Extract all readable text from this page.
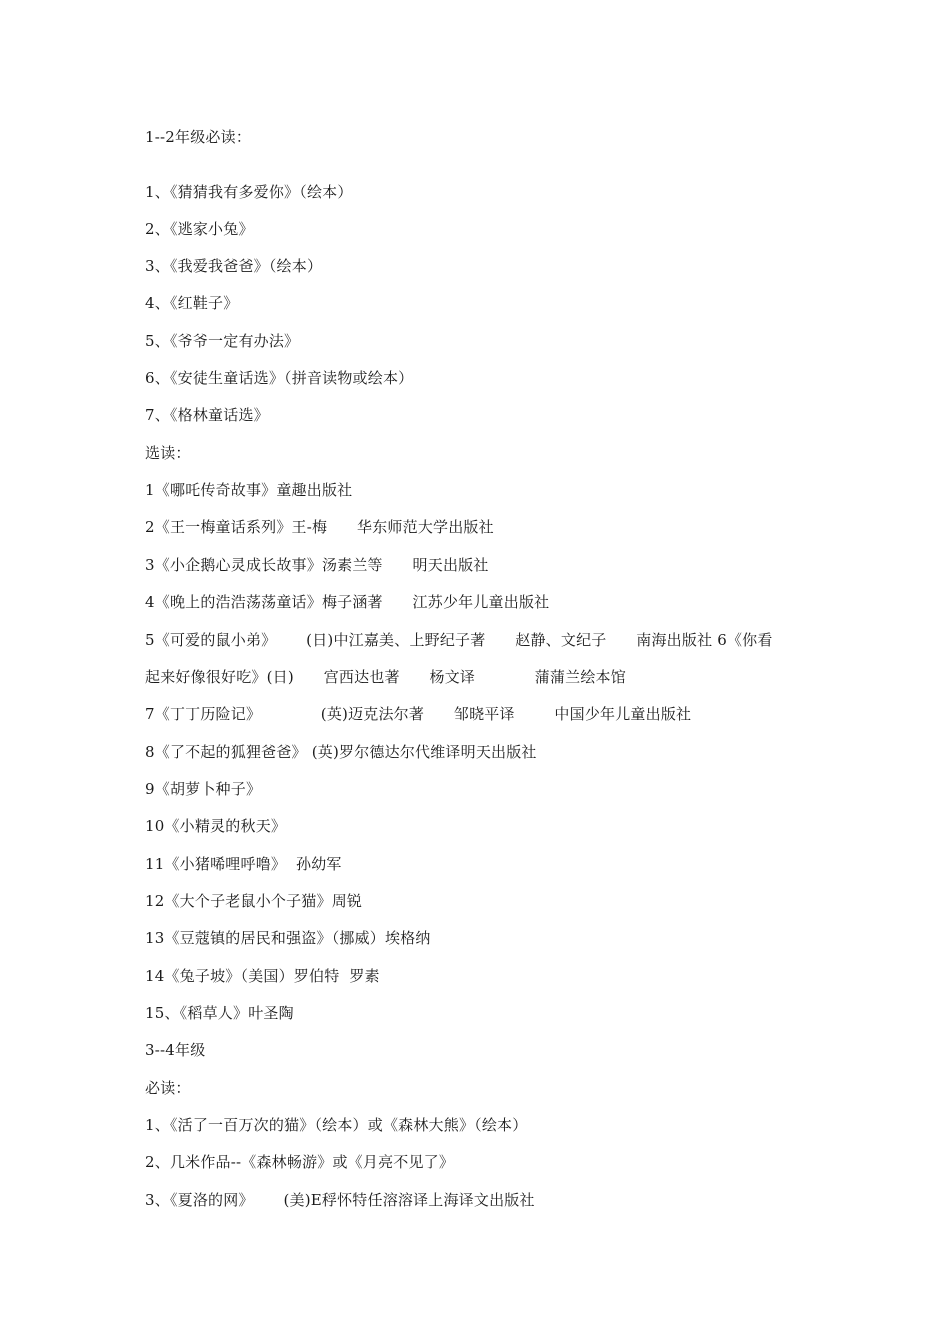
1--2年级必读：
1、《猜猜我有多爱你》（绘本）
2、《逃家小兔》
3、《我爱我爸爸》（绘本）
4、《红鞋子》
5、《爷爷一定有办法》
6、《安徒生童话选》（拼音读物或绘本）
7、《格林童话选》
选读：
1《哪吒传奇故事》童趣出版社
2《王一梅童话系列》王-梅      华东师范大学出版社
3《小企鹅心灵成长故事》汤素兰等      明天出版社
4《晚上的浩浩荡荡童话》梅子涵著      江苏少年儿童出版社
5《可爱的鼠小弟》      (日)中江嘉美、上野纪子著      赵静、文纪子      南海出版社 6《你看
起来好像很好吃》(日)      宫西达也著      杨文译            蒲蒲兰绘本馆
7《丁丁历险记》            (英)迈克法尔著      邹晓平译        中国少年儿童出版社
8《了不起的狐狸爸爸》 (英)罗尔德达尔代维译明天出版社
9《胡萝卜种子》
10《小精灵的秋天》
11《小猪唏哩呼噜》  孙幼军
12《大个子老鼠小个子猫》周锐
13《豆蔻镇的居民和强盗》（挪威）埃格纳
14《兔子坡》（美国）罗伯特  罗素
15、《稻草人》叶圣陶
3--4年级
必读：
1、《活了一百万次的猫》（绘本）或《森林大熊》（绘本）
2、几米作品--《森林畅游》或《月亮不见了》
3、《夏洛的网》      (美)E稃怀特任溶溶译上海译文出版社
